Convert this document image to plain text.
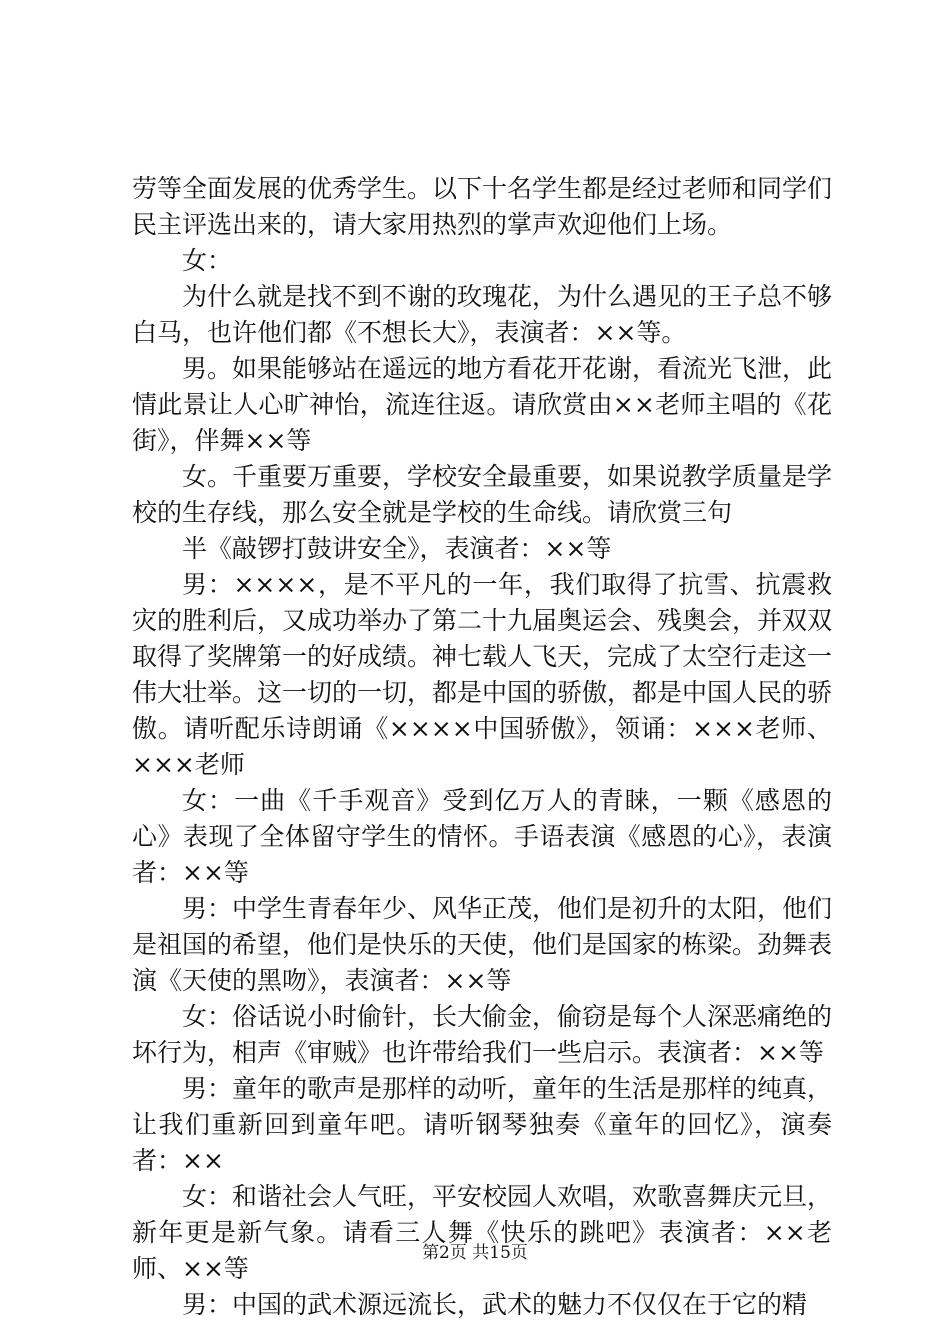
劳等全面发展的优秀学生。以下十名学生都是经过老师和同学们民主评选出来的，请大家用热烈的掌声欢迎他们上场。

女：

为什么就是找不到不谢的玫瑰花，为什么遇见的王子总不够白马，也许他们都《不想长大》，表演者：××等。

男。如果能够站在遥远的地方看花开花谢，看流光飞泄，此情此景让人心旷神怡，流连往返。请欣赏由××老师主唱的《花街》，伴舞××等

女。千重要万重要，学校安全最重要，如果说教学质量是学校的生存线，那么安全就是学校的生命线。请欣赏三句

半《敲锣打鼓讲安全》，表演者：××等

男：××××，是不平凡的一年，我们取得了抗雪、抗震救灾的胜利后，又成功举办了第二十九届奥运会、残奥会，并双双取得了奖牌第一的好成绩。神七载人飞天，完成了太空行走这一伟大壮举。这一切的一切，都是中国的骄傲，都是中国人民的骄傲。请听配乐诗朗诵《××××中国骄傲》，领诵：×××老师、×××老师

女：一曲《千手观音》受到亿万人的青睐，一颗《感恩的心》表现了全体留守学生的情怀。手语表演《感恩的心》，表演者：××等

男：中学生青春年少、风华正茂，他们是初升的太阳，他们是祖国的希望，他们是快乐的天使，他们是国家的栋梁。劲舞表演《天使的黑吻》，表演者：××等

女：俗话说小时偷针，长大偷金，偷窃是每个人深恶痛绝的坏行为，相声《审贼》也许带给我们一些启示。表演者：××等

男：童年的歌声是那样的动听，童年的生活是那样的纯真，让我们重新回到童年吧。请听钢琴独奏《童年的回忆》，演奏者：××

女：和谐社会人气旺，平安校园人欢唱，欢歌喜舞庆元旦，新年更是新气象。请看三人舞《快乐的跳吧》表演者：××老师、××等

男：中国的武术源远流长，武术的魅力不仅仅在于它的精

第2页 共15页
